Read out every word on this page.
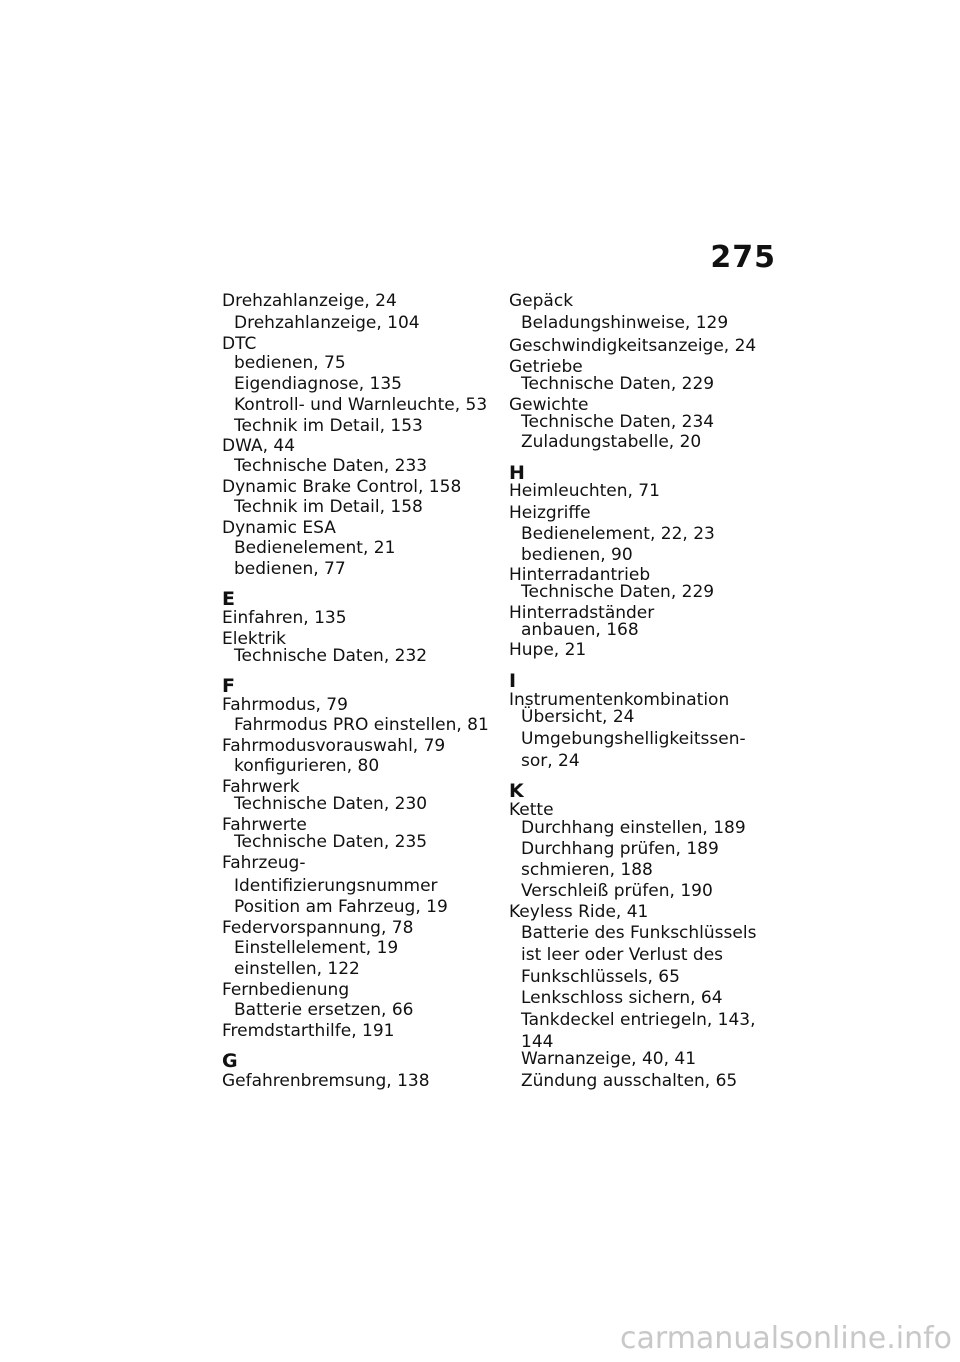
275
Drehzahlanzeige, 24
Drehzahlanzeige, 104
DTC
bedienen, 75
Eigendiagnose, 135
Kontroll- und Warnleuchte, 53
Technik im Detail, 153
DWA, 44
Technische Daten, 233
Dynamic Brake Control, 158
Technik im Detail, 158
Dynamic ESA
Bedienelement, 21
bedienen, 77
E
Einfahren, 135
Elektrik
Technische Daten, 232
F
Fahrmodus, 79
Fahrmodus PRO einstellen, 81
Fahrmodusvorauswahl, 79
konfigurieren, 80
Fahrwerk
Technische Daten, 230
Fahrwerte
Technische Daten, 235
Fahrzeug-
Identifizierungsnummer
Position am Fahrzeug, 19
Federvorspannung, 78
Einstellelement, 19
einstellen, 122
Fernbedienung
Batterie ersetzen, 66
Fremdstarthilfe, 191
G
Gefahrenbremsung, 138
Gepäck
Beladungshinweise, 129
Geschwindigkeitsanzeige, 24
Getriebe
Technische Daten, 229
Gewichte
Technische Daten, 234
Zuladungstabelle, 20
H
Heimleuchten, 71
Heizgriffe
Bedienelement, 22, 23
bedienen, 90
Hinterradantrieb
Technische Daten, 229
Hinterradständer
anbauen, 168
Hupe, 21
I
Instrumentenkombination
Übersicht, 24
Umgebungshelligkeitssen-
sor, 24
K
Kette
Durchhang einstellen, 189
Durchhang prüfen, 189
schmieren, 188
Verschleiß prüfen, 190
Keyless Ride, 41
Batterie des Funkschlüssels
ist leer oder Verlust des
Funkschlüssels, 65
Lenkschloss sichern, 64
Tankdeckel entriegeln, 143,
144
Warnanzeige, 40, 41
Zündung ausschalten, 65
carmanualsonline.info
